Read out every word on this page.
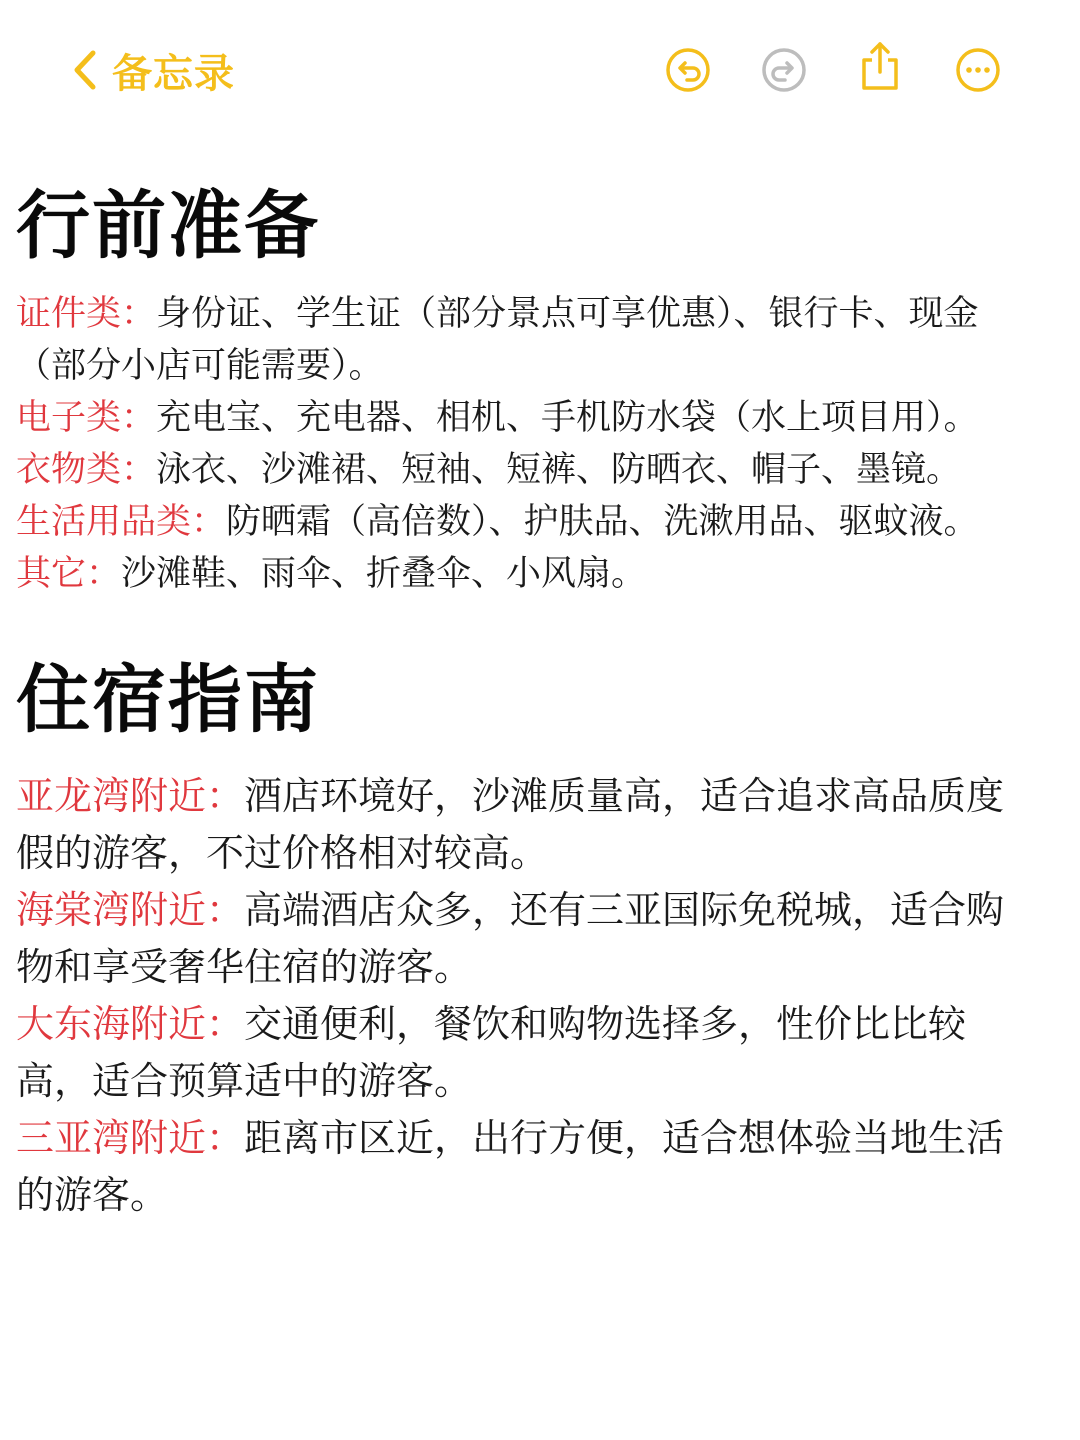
备忘录
行前准备

证件类：身份证、学生证（部分景点可享优惠）、银行卡、现金（部分小店可能需要）。

电子类：充电宝、充电器、相机、手机防水袋（水上项目用）。

衣物类：泳衣、沙滩裙、短袖、短裤、防晒衣、帽子、墨镜。

生活用品类：防晒霜（高倍数）、护肤品、洗漱用品、驱蚊液。

其它：沙滩鞋、雨伞、折叠伞、小风扇。

住宿指南

亚龙湾附近：酒店环境好，沙滩质量高，适合追求高品质度假的游客，不过价格相对较高。

海棠湾附近：高端酒店众多，还有三亚国际免税城，适合购物和享受奢华住宿的游客。

大东海附近：交通便利，餐饮和购物选择多，性价比比较高，适合预算适中的游客。

三亚湾附近：距离市区近，出行方便，适合想体验当地生活的游客。
